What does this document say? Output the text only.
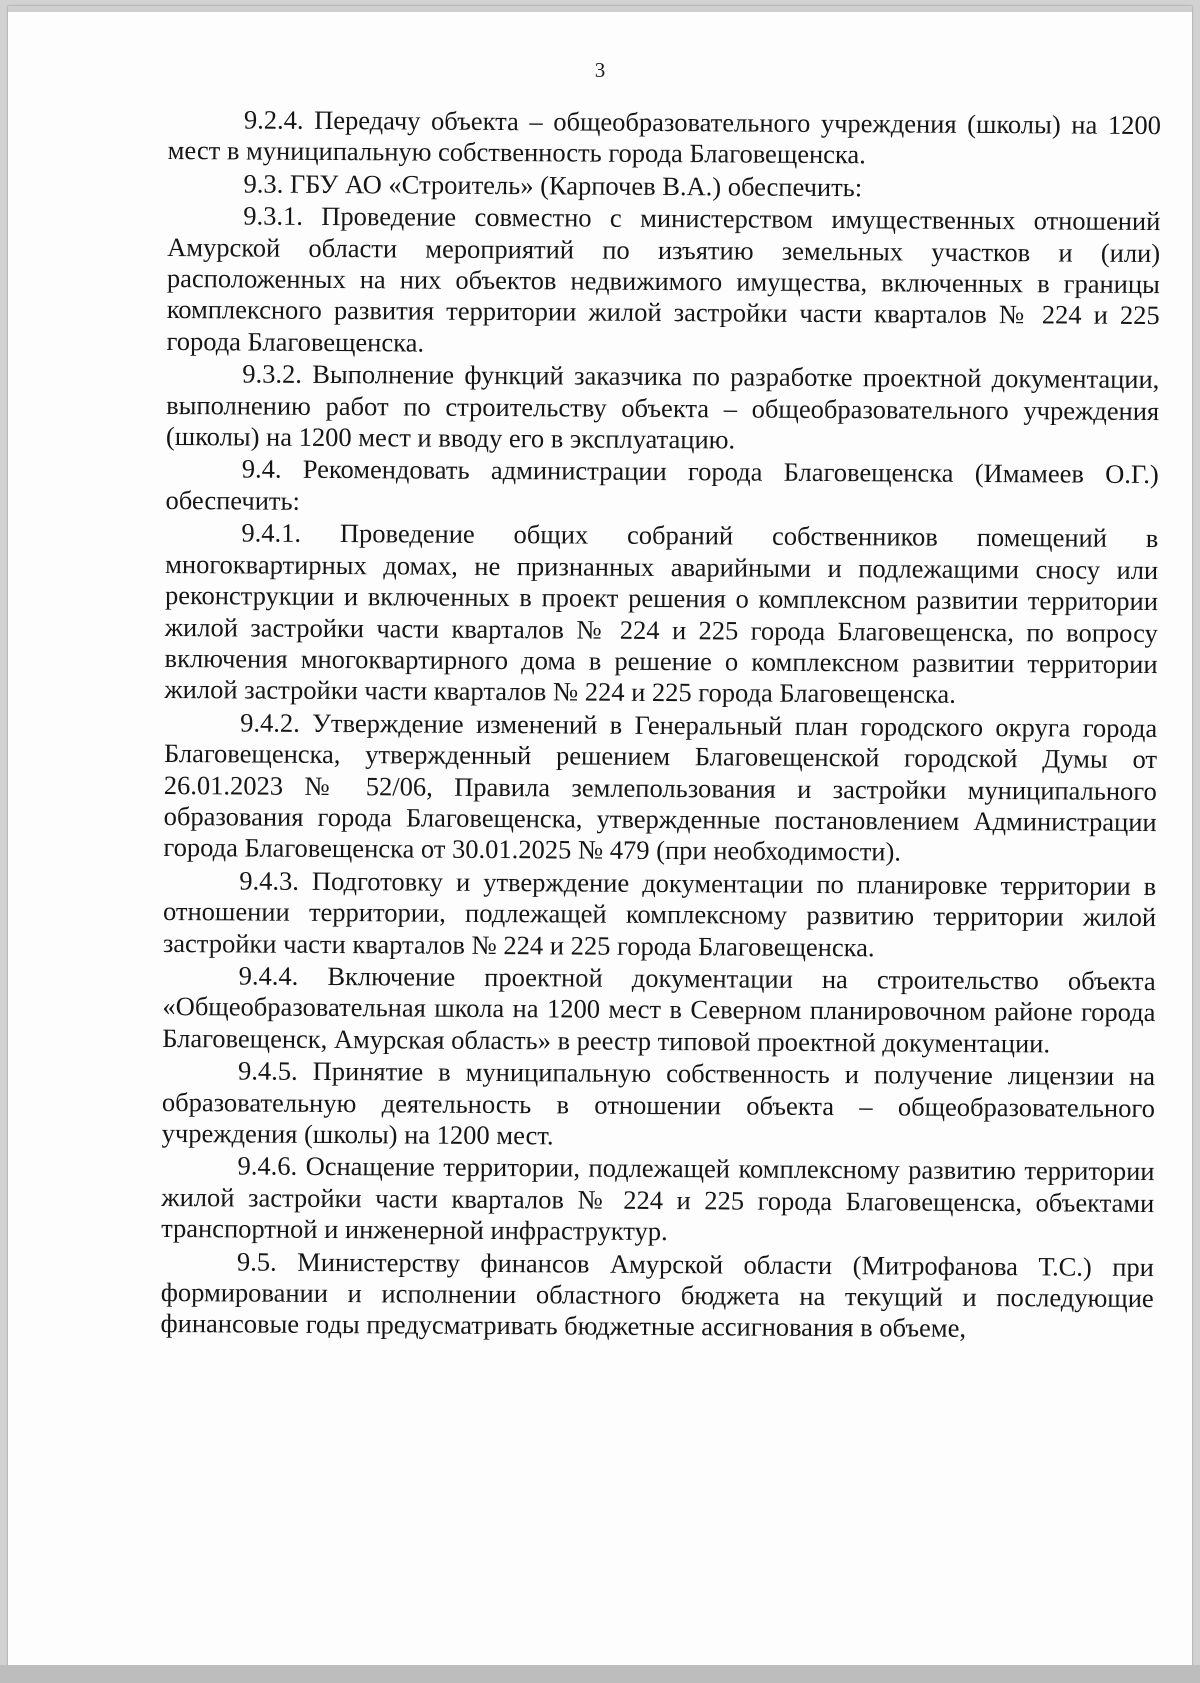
3

9.2.4. Передачу объекта – общеобразовательного учреждения (школы) на 1200 мест в муниципальную собственность города Благовещенска.

9.3. ГБУ АО «Строитель» (Карпочев В.А.) обеспечить:

9.3.1. Проведение совместно с министерством имущественных отношений Амурской области мероприятий по изъятию земельных участков и (или) расположенных на них объектов недвижимого имущества, включенных в границы комплексного развития территории жилой застройки части кварталов № 224 и 225 города Благовещенска.

9.3.2. Выполнение функций заказчика по разработке проектной документации, выполнению работ по строительству объекта – общеобразовательного учреждения (школы) на 1200 мест и вводу его в эксплуатацию.

9.4. Рекомендовать администрации города Благовещенска (Имамеев О.Г.) обеспечить:

9.4.1. Проведение общих собраний собственников помещений в многоквартирных домах, не признанных аварийными и подлежащими сносу или реконструкции и включенных в проект решения о комплексном развитии территории жилой застройки части кварталов № 224 и 225 города Благовещенска, по вопросу включения многоквартирного дома в решение о комплексном развитии территории жилой застройки части кварталов № 224 и 225 города Благовещенска.

9.4.2. Утверждение изменений в Генеральный план городского округа города Благовещенска, утвержденный решением Благовещенской городской Думы от 26.01.2023 № 52/06, Правила землепользования и застройки муниципального образования города Благовещенска, утвержденные постановлением Администрации города Благовещенска от 30.01.2025 № 479 (при необходимости).

9.4.3. Подготовку и утверждение документации по планировке территории в отношении территории, подлежащей комплексному развитию территории жилой застройки части кварталов № 224 и 225 города Благовещенска.

9.4.4. Включение проектной документации на строительство объекта «Общеобразовательная школа на 1200 мест в Северном планировочном районе города Благовещенск, Амурская область» в реестр типовой проектной документации.

9.4.5. Принятие в муниципальную собственность и получение лицензии на образовательную деятельность в отношении объекта – общеобразовательного учреждения (школы) на 1200 мест.

9.4.6. Оснащение территории, подлежащей комплексному развитию территории жилой застройки части кварталов № 224 и 225 города Благовещенска, объектами транспортной и инженерной инфраструктур.

9.5. Министерству финансов Амурской области (Митрофанова Т.С.) при формировании и исполнении областного бюджета на текущий и последующие финансовые годы предусматривать бюджетные ассигнования в объеме,
